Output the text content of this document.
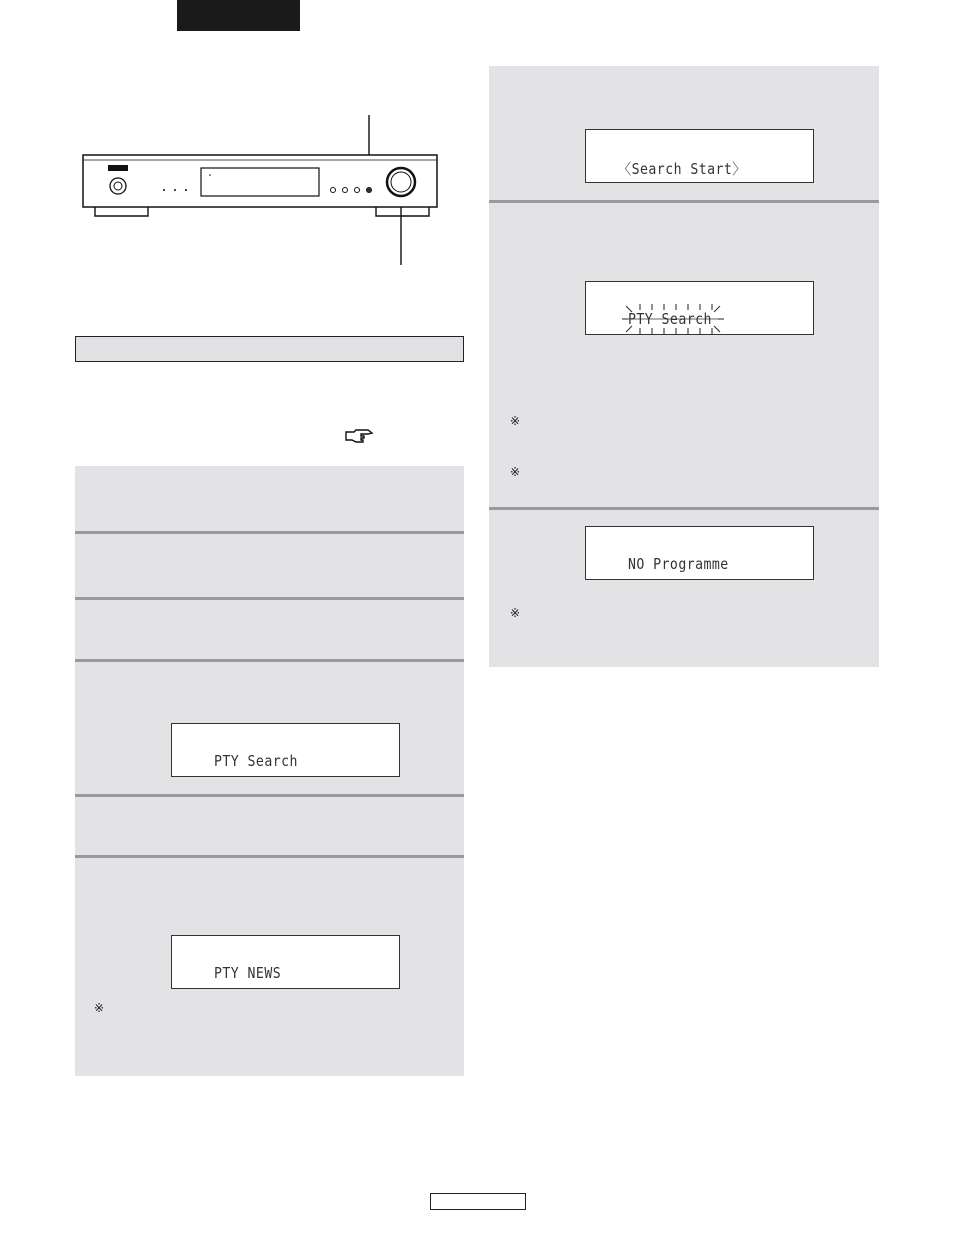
PTY Search
PTY NEWS
※
〈Search Start〉
PTY Search
※
※
NO Programme
※
